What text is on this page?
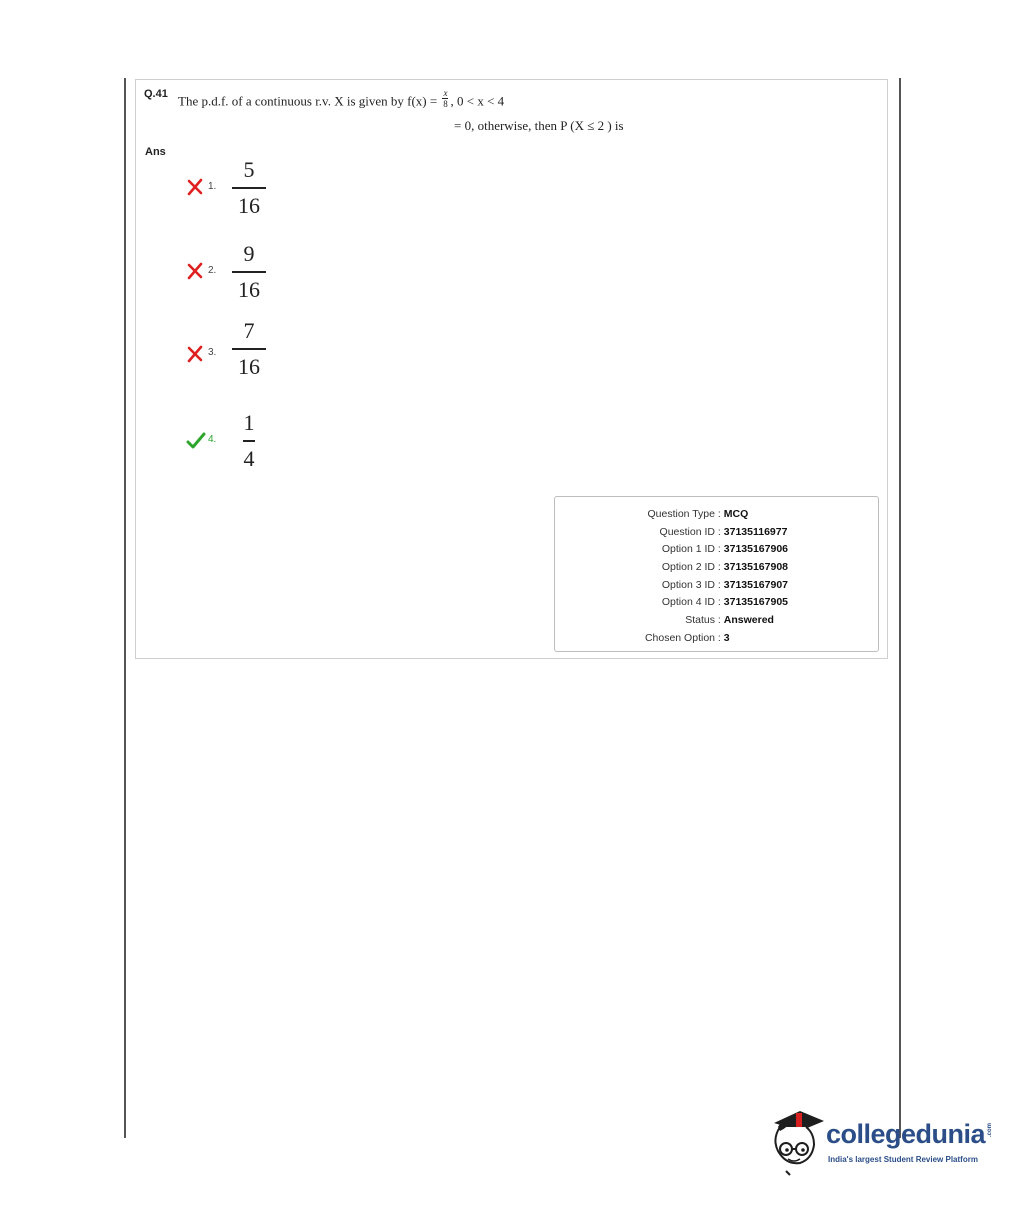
Q.41 The p.d.f. of a continuous r.v. X is given by $f(x) = \frac{x}{8}$ , 0 < x < 4
= 0, otherwise, then P (X ≤ 2 ) is
Ans
1.
5
16
2.
9
16
3.
7
16
4.
1
4
Question Type : MCQ
Question ID : 37135116977
Option 1 ID : 37135167906
Option 2 ID : 37135167908
Option 3 ID : 37135167907
Option 4 ID : 37135167905
Status : Answered
Chosen Option : 3
collegedunia .com
India's largest Student Review Platform
